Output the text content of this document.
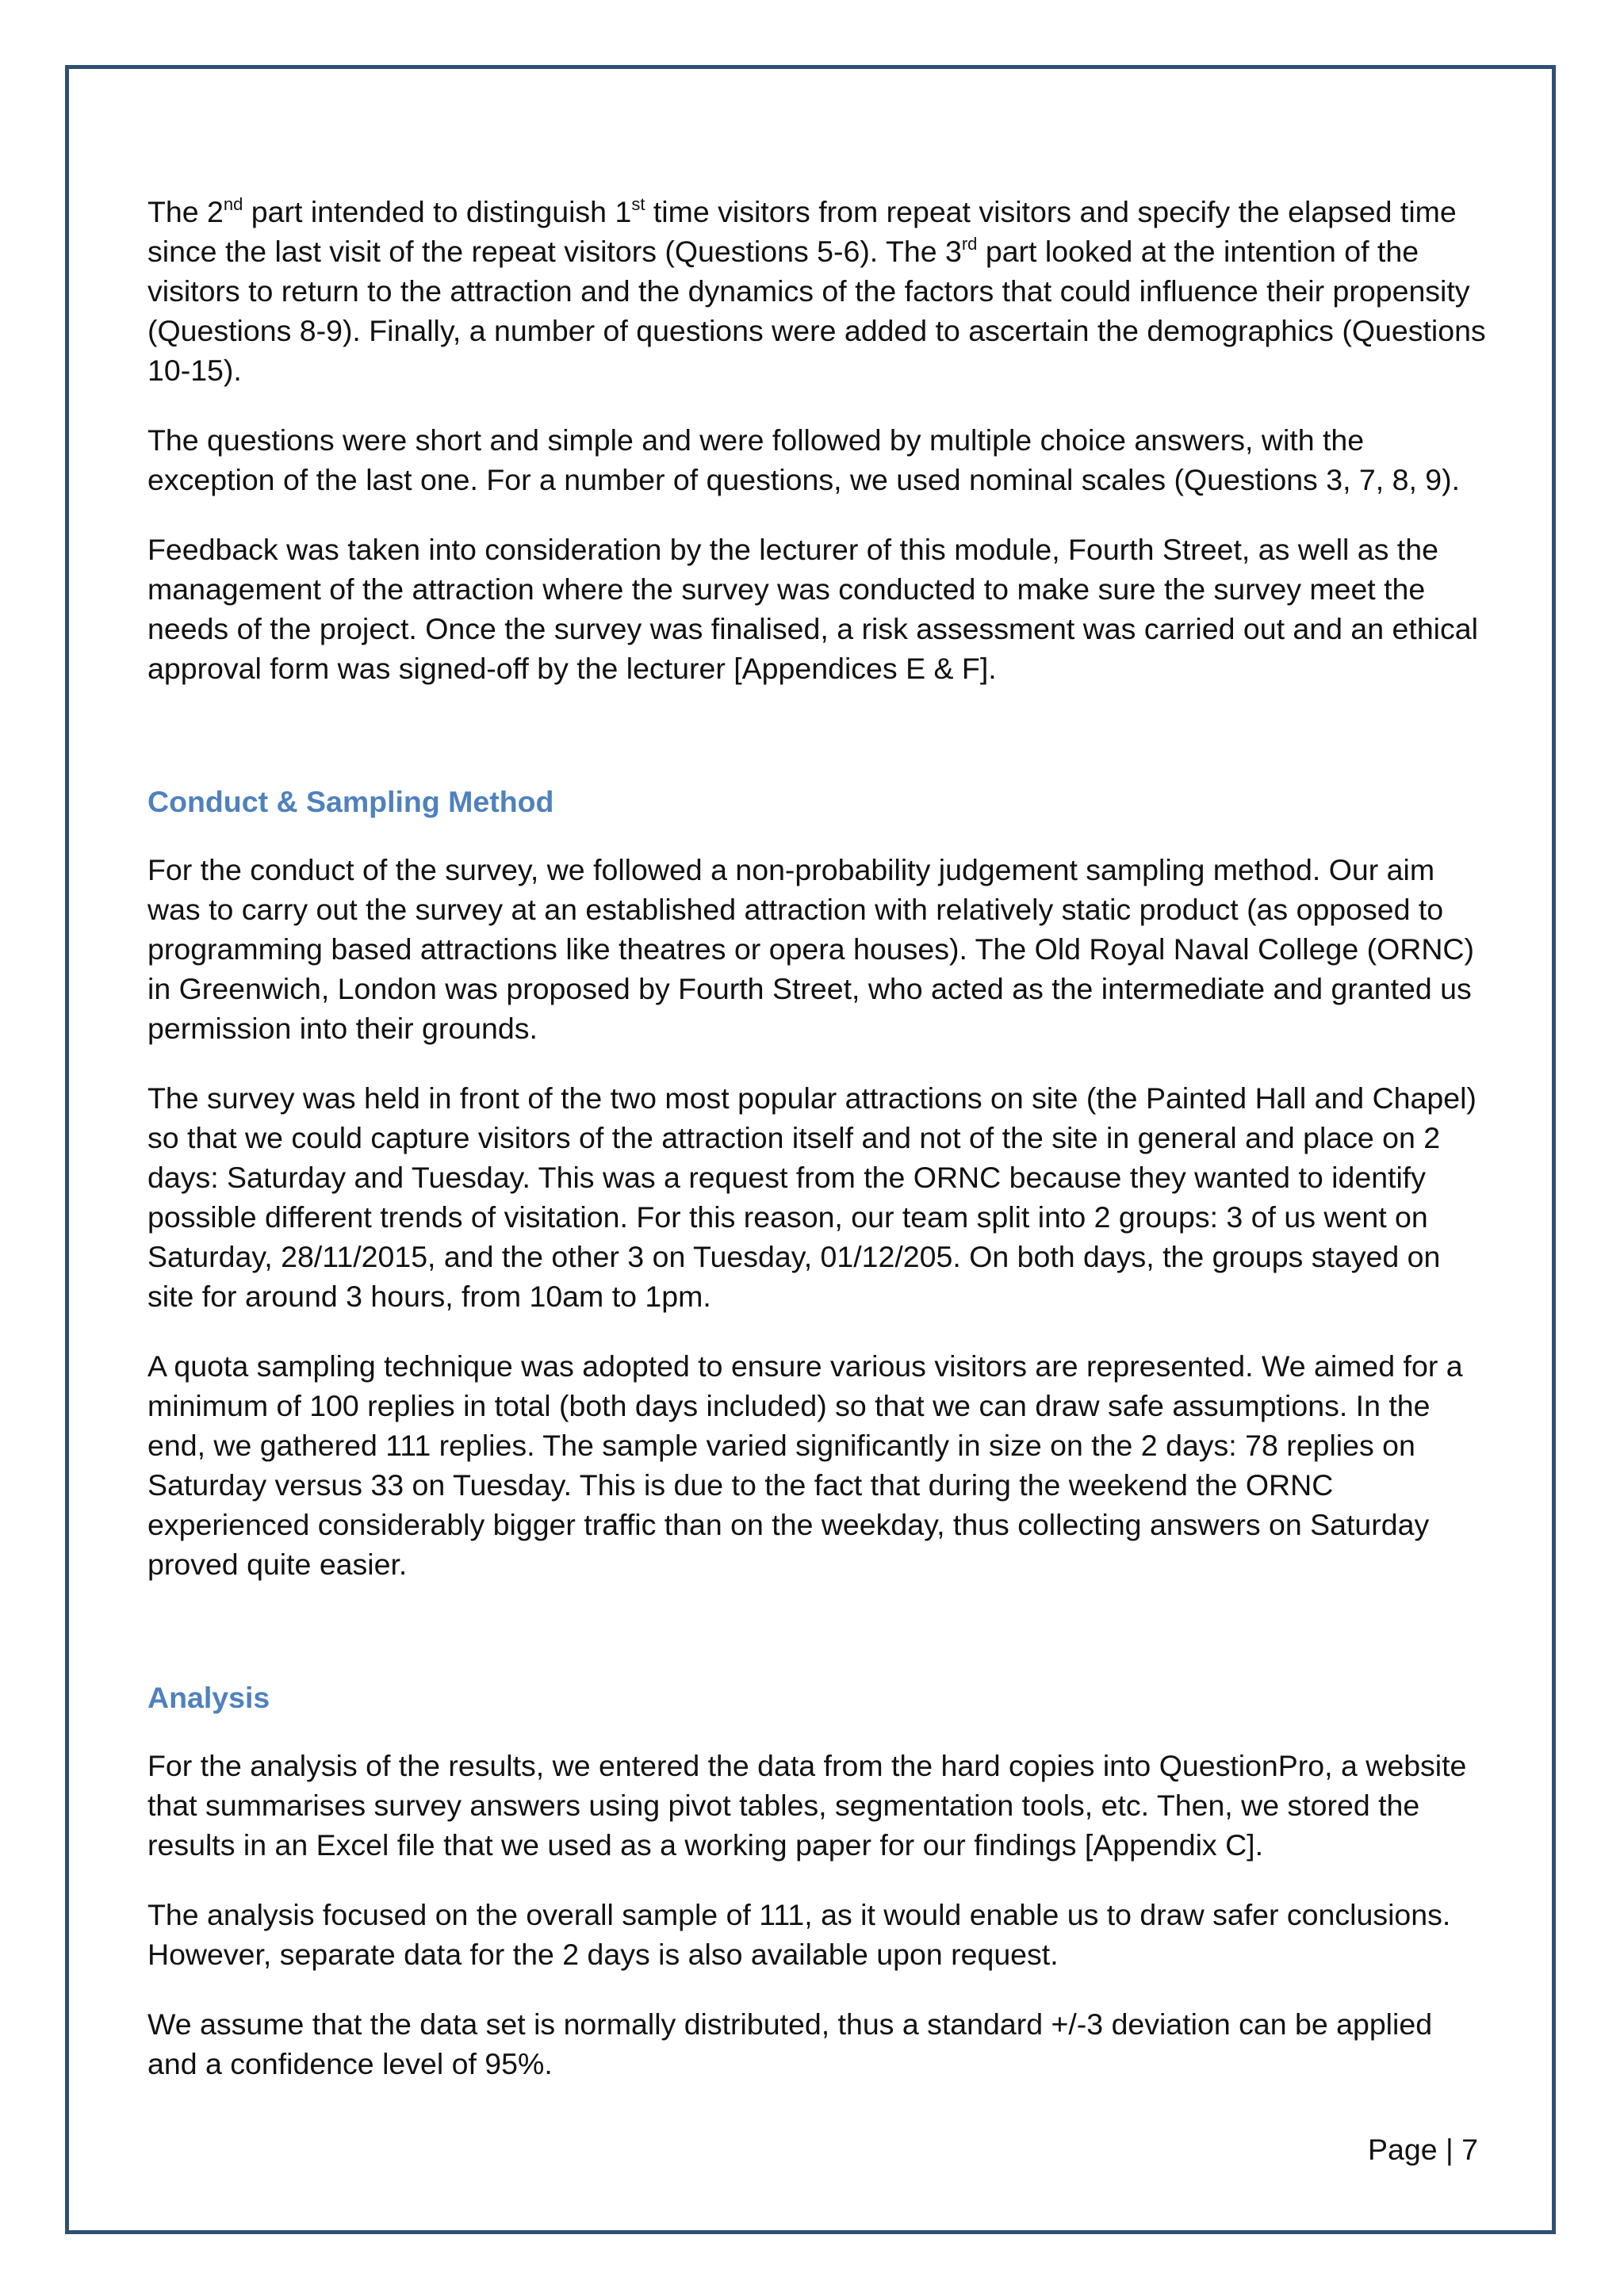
The 2nd part intended to distinguish 1st time visitors from repeat visitors and specify the elapsed time since the last visit of the repeat visitors (Questions 5-6). The 3rd part looked at the intention of the visitors to return to the attraction and the dynamics of the factors that could influence their propensity (Questions 8-9). Finally, a number of questions were added to ascertain the demographics (Questions 10-15).

The questions were short and simple and were followed by multiple choice answers, with the exception of the last one. For a number of questions, we used nominal scales (Questions 3, 7, 8, 9).

Feedback was taken into consideration by the lecturer of this module, Fourth Street, as well as the management of the attraction where the survey was conducted to make sure the survey meet the needs of the project. Once the survey was finalised, a risk assessment was carried out and an ethical approval form was signed-off by the lecturer [Appendices E & F].

Conduct & Sampling Method

For the conduct of the survey, we followed a non-probability judgement sampling method. Our aim was to carry out the survey at an established attraction with relatively static product (as opposed to programming based attractions like theatres or opera houses). The Old Royal Naval College (ORNC) in Greenwich, London was proposed by Fourth Street, who acted as the intermediate and granted us permission into their grounds.

The survey was held in front of the two most popular attractions on site (the Painted Hall and Chapel) so that we could capture visitors of the attraction itself and not of the site in general and place on 2 days: Saturday and Tuesday. This was a request from the ORNC because they wanted to identify possible different trends of visitation. For this reason, our team split into 2 groups: 3 of us went on Saturday, 28/11/2015, and the other 3 on Tuesday, 01/12/205. On both days, the groups stayed on site for around 3 hours, from 10am to 1pm.

A quota sampling technique was adopted to ensure various visitors are represented. We aimed for a minimum of 100 replies in total (both days included) so that we can draw safe assumptions. In the end, we gathered 111 replies. The sample varied significantly in size on the 2 days: 78 replies on Saturday versus 33 on Tuesday. This is due to the fact that during the weekend the ORNC experienced considerably bigger traffic than on the weekday, thus collecting answers on Saturday proved quite easier.

Analysis

For the analysis of the results, we entered the data from the hard copies into QuestionPro, a website that summarises survey answers using pivot tables, segmentation tools, etc. Then, we stored the results in an Excel file that we used as a working paper for our findings [Appendix C].

The analysis focused on the overall sample of 111, as it would enable us to draw safer conclusions. However, separate data for the 2 days is also available upon request.

We assume that the data set is normally distributed, thus a standard +/-3 deviation can be applied and a confidence level of 95%.

Page | 7
